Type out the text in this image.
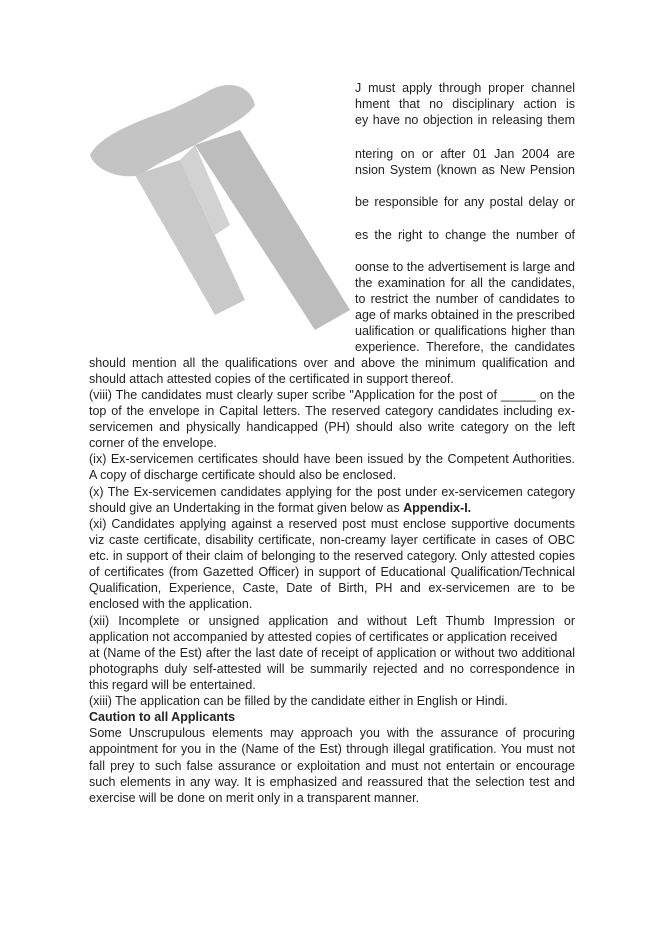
J must apply through proper channel
hment that no disciplinary action is
ey have no objection in releasing them
ntering on or after 01 Jan 2004 are
nsion System (known as New Pension
be responsible for any postal delay or
es the right to change the number of
oonse to the advertisement is large and
the examination for all the candidates,
to restrict the number of candidates to
age of marks obtained in the prescribed
ualification or qualifications higher than
experience. Therefore, the candidates
should mention all the qualifications over and above the minimum qualification and
should attach attested copies of the certificated in support thereof.
(viii) The candidates must clearly super scribe "Application for the post of _____ on the
top of the envelope in Capital letters. The reserved category candidates including ex-
servicemen and physically handicapped (PH) should also write category on the left
corner of the envelope.
(ix) Ex-servicemen certificates should have been issued by the Competent Authorities.
A copy of discharge certificate should also be enclosed.
(x) The Ex-servicemen candidates applying for the post under ex-servicemen category
should give an Undertaking in the format given below as Appendix-I.
(xi) Candidates applying against a reserved post must enclose supportive documents
viz caste certificate, disability certificate, non-creamy layer certificate in cases of OBC
etc. in support of their claim of belonging to the reserved category. Only attested copies
of certificates (from Gazetted Officer) in support of Educational Qualification/Technical
Qualification, Experience, Caste, Date of Birth, PH and ex-servicemen are to be
enclosed with the application.
(xii) Incomplete or unsigned application and without Left Thumb Impression or
application not accompanied by attested copies of certificates or application received
at (Name of the Est) after the last date of receipt of application or without two additional
photographs duly self-attested will be summarily rejected and no correspondence in
this regard will be entertained.
(xiii) The application can be filled by the candidate either in English or Hindi.
Caution to all Applicants
Some Unscrupulous elements may approach you with the assurance of procuring
appointment for you in the (Name of the Est) through illegal gratification. You must not
fall prey to such false assurance or exploitation and must not entertain or encourage
such elements in any way. It is emphasized and reassured that the selection test and
exercise will be done on merit only in a transparent manner.
